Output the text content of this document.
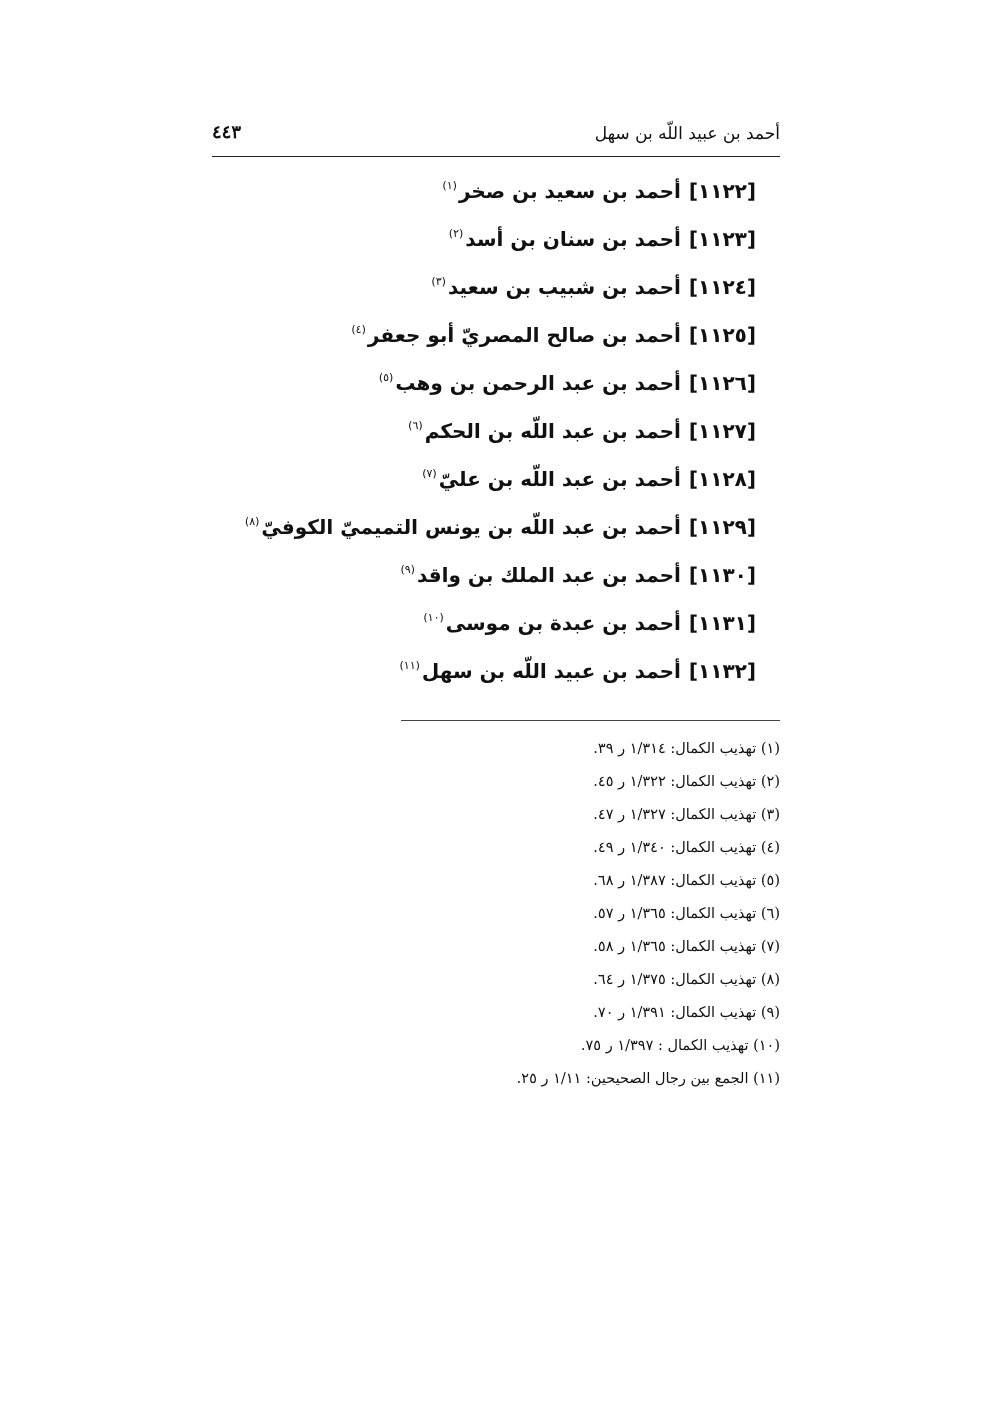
أحمد بن عبيد اللّه بن سهل
٤٤٣
[١١٢٢]أحمد بن سعيد بن صخر$^{(١)}$
[١١٢٣]أحمد بن سنان بن أسد$^{(٢)}$
[١١٢٤]أحمد بن شبيب بن سعيد$^{(٣)}$
[١١٢٥]أحمد بن صالح المصريّ أبو جعفر$^{(٤)}$
[١١٢٦]أحمد بن عبد الرحمن بن وهب$^{(٥)}$
[١١٢٧]أحمد بن عبد اللّه بن الحكم$^{(٦)}$
[١١٢٨]أحمد بن عبد اللّه بن عليّ$^{(٧)}$
[١١٢٩]أحمد بن عبد اللّه بن يونس التميميّ الكوفيّ$^{(٨)}$
[١١٣٠]أحمد بن عبد الملك بن واقد$^{(٩)}$
[١١٣١]أحمد بن عبدة بن موسى$^{(١٠)}$
[١١٣٢]أحمد بن عبيد اللّه بن سهل$^{(١١)}$
(١) تهذيب الكمال: ١/٣١٤ ر ٣٩.
(٢) تهذيب الكمال: ١/٣٢٢ ر ٤٥.
(٣) تهذيب الكمال: ١/٣٢٧ ر ٤٧.
(٤) تهذيب الكمال: ١/٣٤٠ ر ٤٩.
(٥) تهذيب الكمال: ١/٣٨٧ ر ٦٨.
(٦) تهذيب الكمال: ١/٣٦٥ ر ٥٧.
(٧) تهذيب الكمال: ١/٣٦٥ ر ٥٨.
(٨) تهذيب الكمال: ١/٣٧٥ ر ٦٤.
(٩) تهذيب الكمال: ١/٣٩١ ر ٧٠.
(١٠) تهذيب الكمال : ١/٣٩٧ ر ٧٥.
(١١) الجمع بين رجال الصحيحين: ١/١١ ر ٢٥.
